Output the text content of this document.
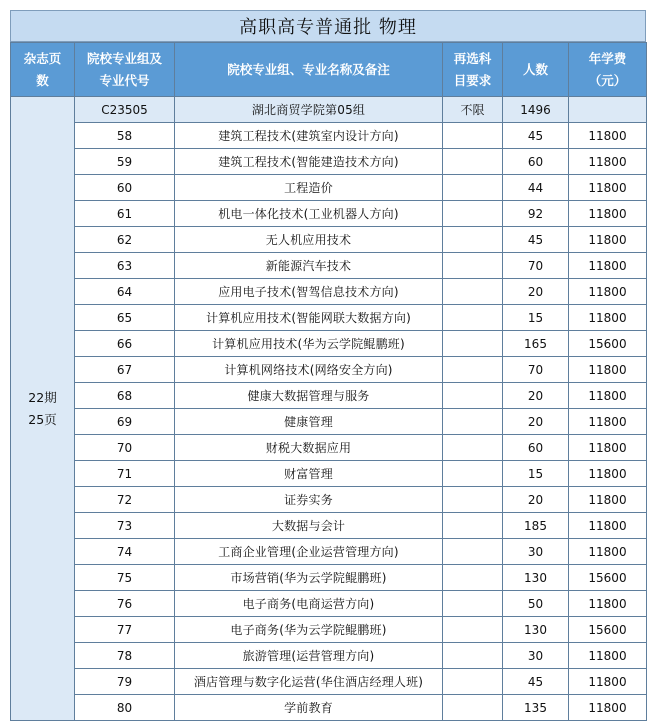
高职高专普通批 物理
杂志页数	院校专业组及专业代号	院校专业组、专业名称及备注	再选科目要求	人数	年学费（元）

22期
25页	C23505	湖北商贸学院第05组	不限	1496	
	58	建筑工程技术(建筑室内设计方向)		45	11800
	59	建筑工程技术(智能建造技术方向)		60	11800
	60	工程造价		44	11800
	61	机电一体化技术(工业机器人方向)		92	11800
	62	无人机应用技术		45	11800
	63	新能源汽车技术		70	11800
	64	应用电子技术(智驾信息技术方向)		20	11800
	65	计算机应用技术(智能网联大数据方向)		15	11800
	66	计算机应用技术(华为云学院鲲鹏班)		165	15600
	67	计算机网络技术(网络安全方向)		70	11800
	68	健康大数据管理与服务		20	11800
	69	健康管理		20	11800
	70	财税大数据应用		60	11800
	71	财富管理		15	11800
	72	证券实务		20	11800
	73	大数据与会计		185	11800
	74	工商企业管理(企业运营管理方向)		30	11800
	75	市场营销(华为云学院鲲鹏班)		130	15600
	76	电子商务(电商运营方向)		50	11800
	77	电子商务(华为云学院鲲鹏班)		130	15600
	78	旅游管理(运营管理方向)		30	11800
	79	酒店管理与数字化运营(华住酒店经理人班)		45	11800
	80	学前教育		135	11800
